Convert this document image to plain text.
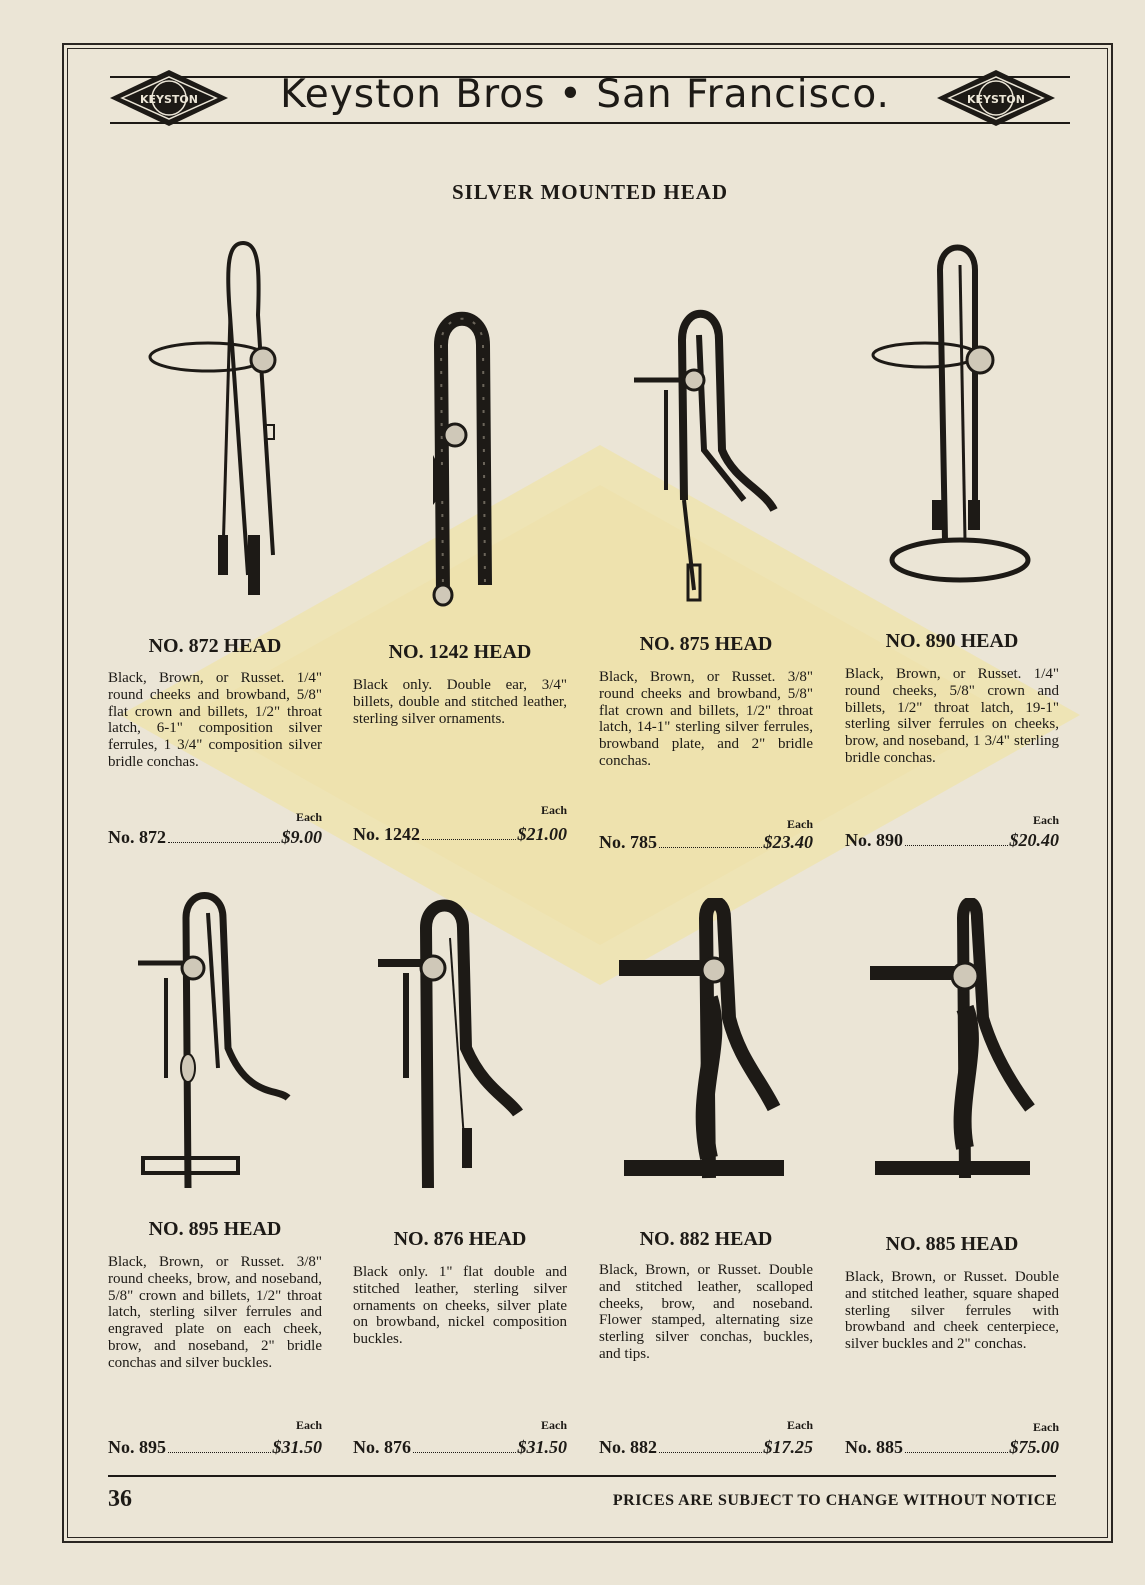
KEYSTON	Keyston Bros • San Francisco.	KEYSTON
SILVER MOUNTED HEAD
NO. 872 HEAD
Black, Brown, or Russet. 1/4" round cheeks and browband, 5/8" flat crown and billets, 1/2" throat latch, 6-1" composition silver ferrules, 1 3/4" composition silver bridle conchas.
Each
No. 872	$9.00
NO. 1242 HEAD
Black only. Double ear, 3/4" billets, double and stitched leather, sterling silver ornaments.
Each
No. 1242	$21.00
NO. 875 HEAD
Black, Brown, or Russet. 3/8" round cheeks and browband, 5/8" flat crown and billets, 1/2" throat latch, 14-1" sterling silver ferrules, browband plate, and 2" bridle conchas.
Each
No. 785	$23.40
NO. 890 HEAD
Black, Brown, or Russet. 1/4" round cheeks, 5/8" crown and billets, 1/2" throat latch, 19-1" sterling silver ferrules on cheeks, brow, and noseband, 1 3/4" sterling bridle conchas.
Each
No. 890	$20.40
NO. 895 HEAD
Black, Brown, or Russet. 3/8" round cheeks, brow, and noseband, 5/8" crown and billets, 1/2" throat latch, sterling silver ferrules and engraved plate on each cheek, brow, and noseband, 2" bridle conchas and silver buckles.
Each
No. 895	$31.50
NO. 876 HEAD
Black only. 1" flat double and stitched leather, sterling silver ornaments on cheeks, silver plate on browband, nickel composition buckles.
Each
No. 876	$31.50
NO. 882 HEAD
Black, Brown, or Russet. Double and stitched leather, scalloped cheeks, brow, and noseband. Flower stamped, alternating size sterling silver conchas, buckles, and tips.
Each
No. 882	$17.25
NO. 885 HEAD
Black, Brown, or Russet. Double and stitched leather, square shaped sterling silver ferrules with browband and cheek centerpiece, silver buckles and 2" conchas.
Each
No. 885	$75.00
36	PRICES ARE SUBJECT TO CHANGE WITHOUT NOTICE
